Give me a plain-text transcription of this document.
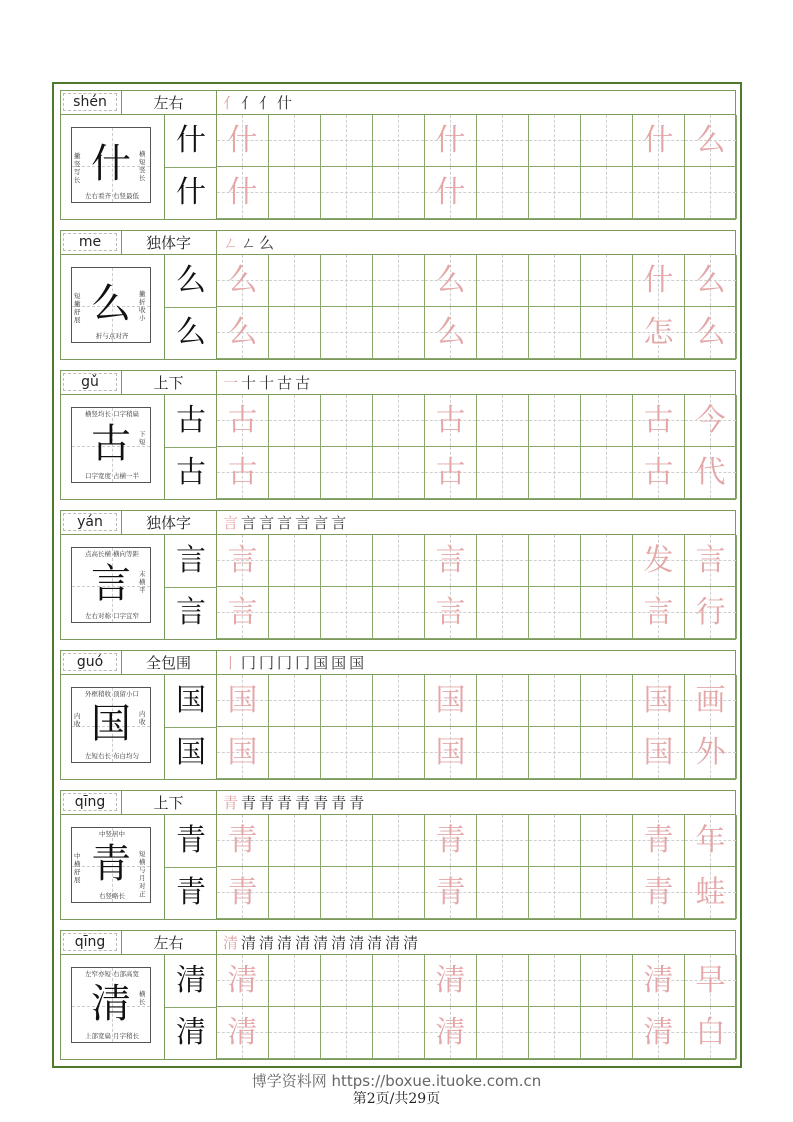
shén	左右	亻亻亻什
什
撇竖写长
横短竖长
左右看齐 右竖最低
什
什
什	什	什 么
什	什
me	独体字	ㄥㄥ么
么
短撇舒展
撇折收小
折与点对齐
么
么
么	么	什 么
么	么	怎 么
gǔ	上下	一十十古古
古
横竖均长 口字稍扁
下短
口字宽度 占横一半
古
古
古	古	古 今
古	古	古 代
yán	独体字	言言言言言言言
言
点高长横 横向等距
末横平
左右对称 口字宜窄
言
言
言	言	发 言
言	言	言 行
guó	全包围	丨冂冂冂冂国国国
国
外框稍收 顶留小口
内收
内收
左短右长 布白均匀
国
国
国	国	国 画
国	国	国 外
qīng	上下	青青青青青青青青
青
中竖居中
中横舒展
短横与月对正
右竖略长
青
青
青	青	青 年
青	青	青 蛙
qīng	左右	清清清清清清清清清清清
清
左窄亦短 右部高宽
横长
上部宽扁 月字稍长
清
清
清	清	清 早
清	清	清 白
博学资料网 https://boxue.ituoke.com.cn
第2页/共29页
